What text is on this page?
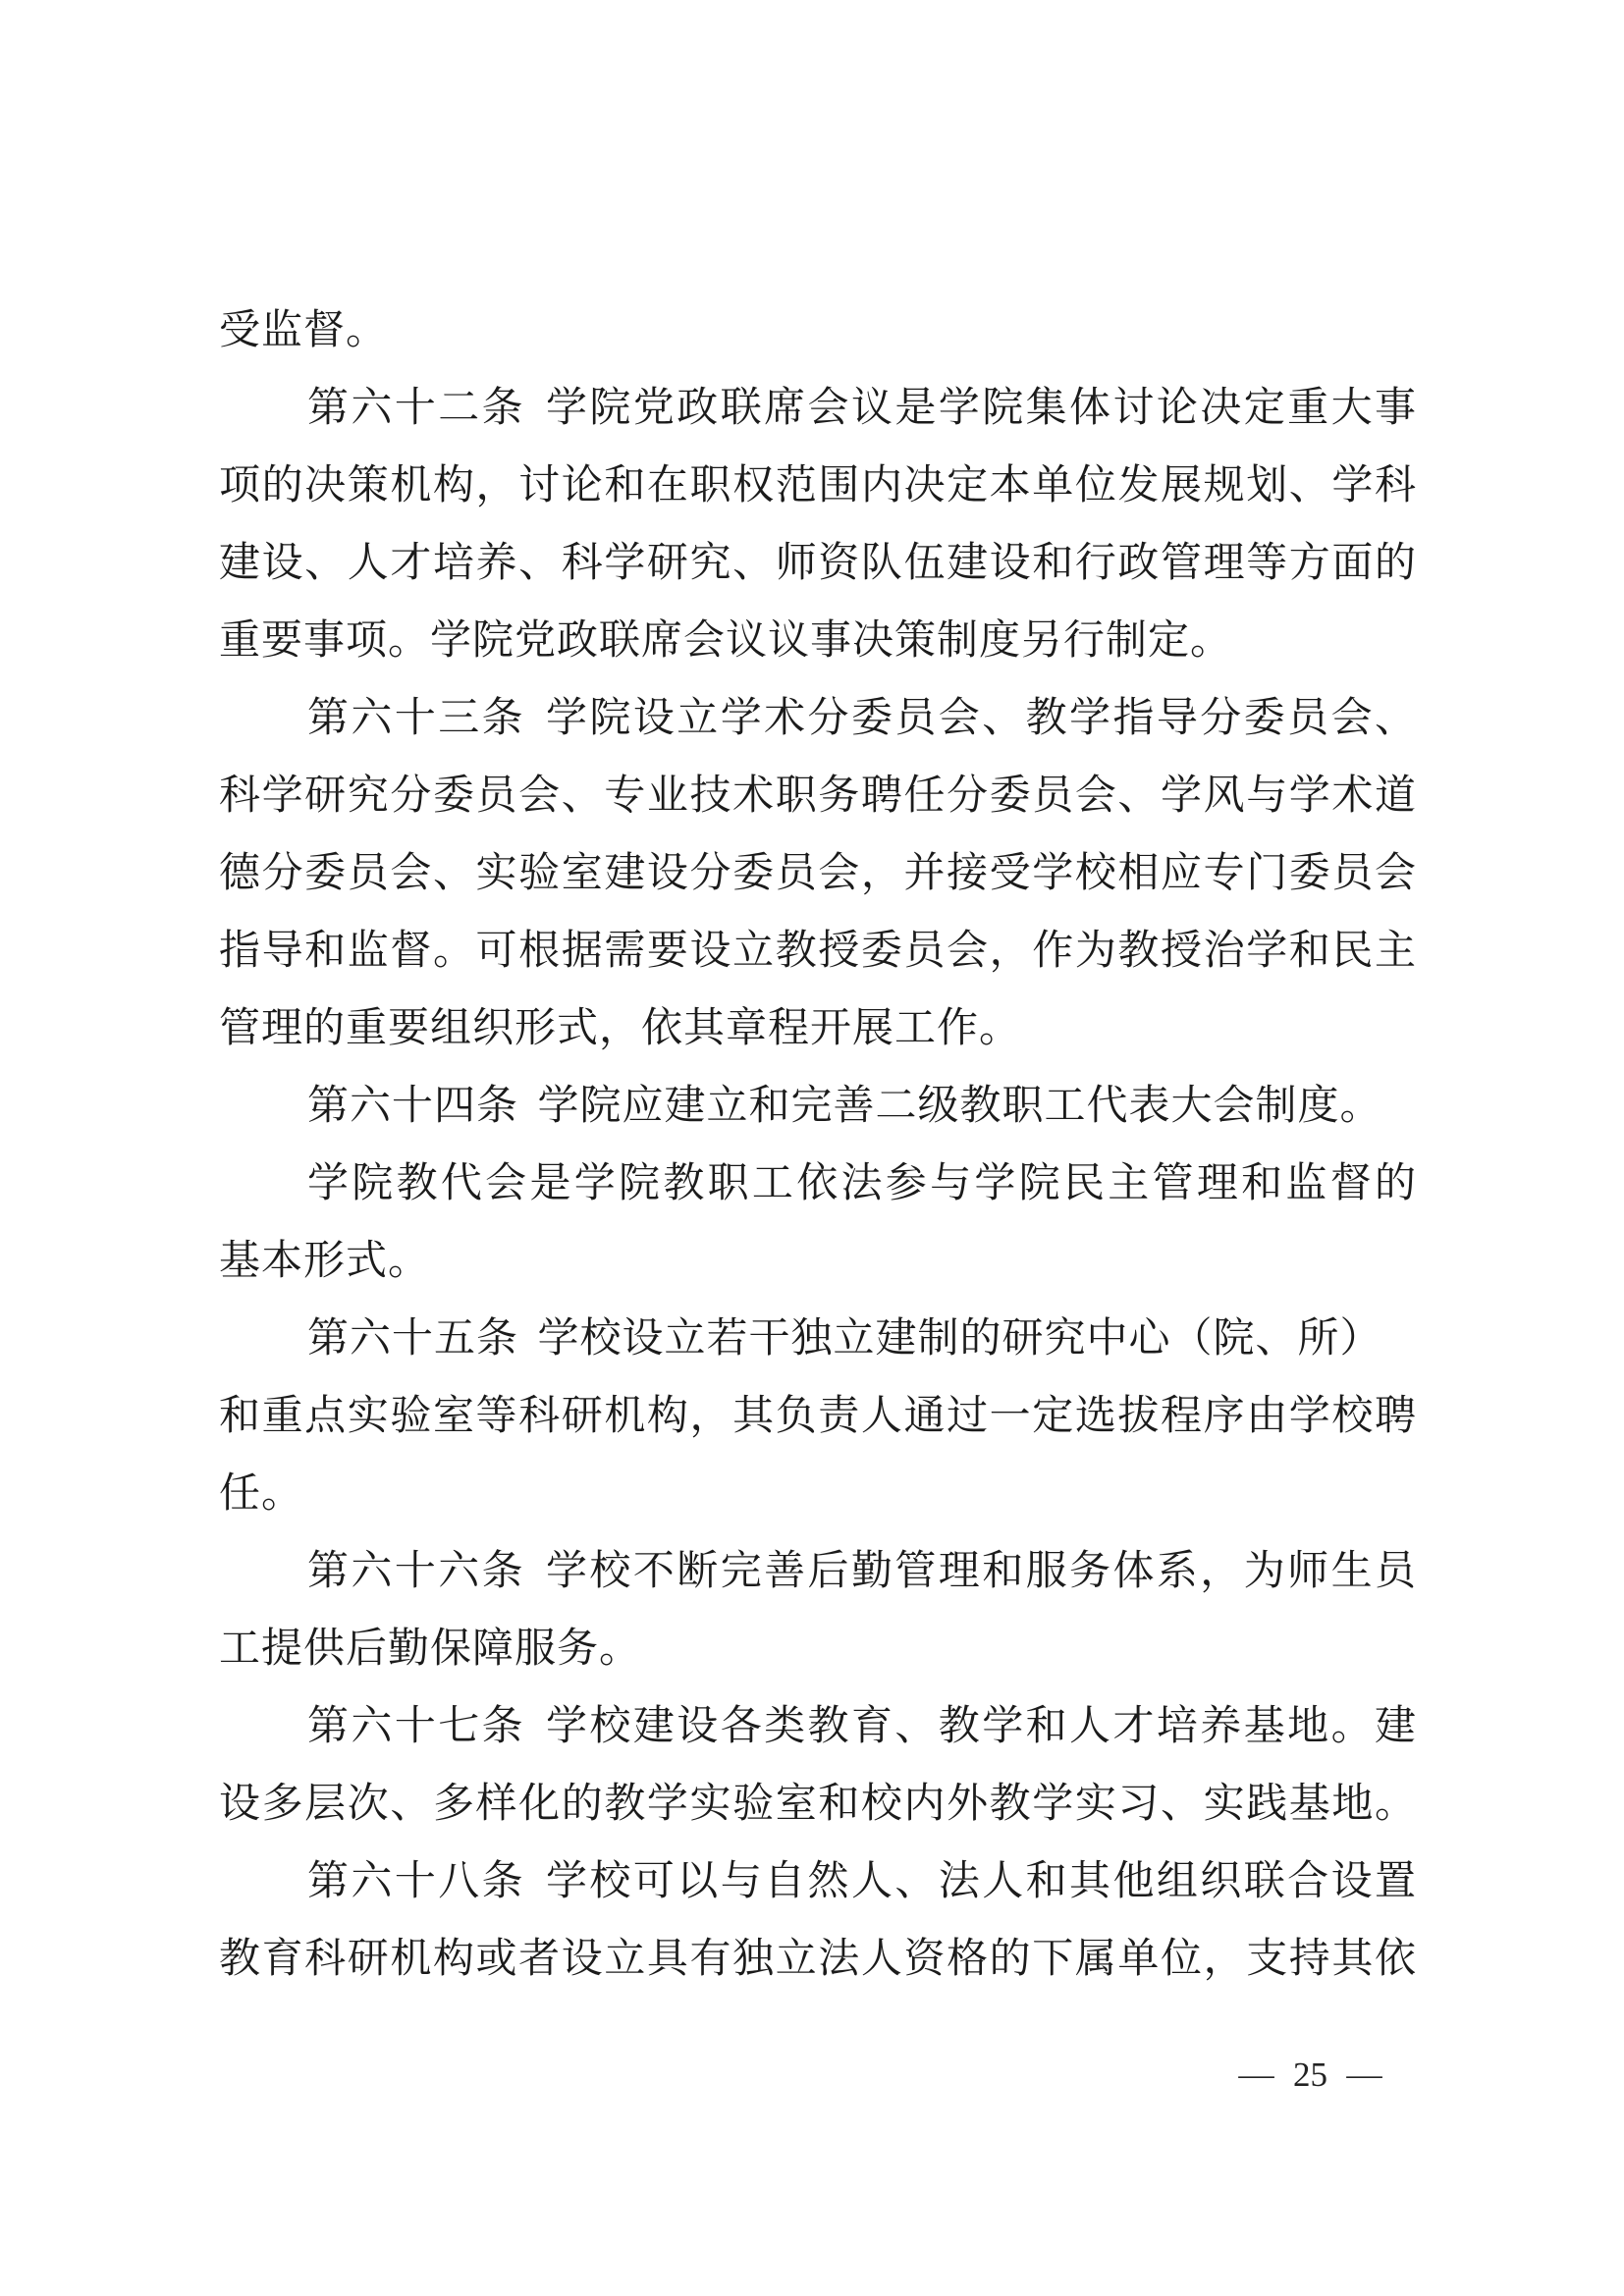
受监督。
第六十二条 学院党政联席会议是学院集体讨论决定重大事
项的决策机构，讨论和在职权范围内决定本单位发展规划、学科
建设、人才培养、科学研究、师资队伍建设和行政管理等方面的
重要事项。学院党政联席会议议事决策制度另行制定。
第六十三条 学院设立学术分委员会、教学指导分委员会、
科学研究分委员会、专业技术职务聘任分委员会、学风与学术道
德分委员会、实验室建设分委员会，并接受学校相应专门委员会
指导和监督。可根据需要设立教授委员会，作为教授治学和民主
管理的重要组织形式，依其章程开展工作。
第六十四条 学院应建立和完善二级教职工代表大会制度。
学院教代会是学院教职工依法参与学院民主管理和监督的
基本形式。
第六十五条 学校设立若干独立建制的研究中心（院、所）
和重点实验室等科研机构，其负责人通过一定选拔程序由学校聘
任。
第六十六条 学校不断完善后勤管理和服务体系，为师生员
工提供后勤保障服务。
第六十七条 学校建设各类教育、教学和人才培养基地。建
设多层次、多样化的教学实验室和校内外教学实习、实践基地。
第六十八条 学校可以与自然人、法人和其他组织联合设置
教育科研机构或者设立具有独立法人资格的下属单位，支持其依
— 25 —
